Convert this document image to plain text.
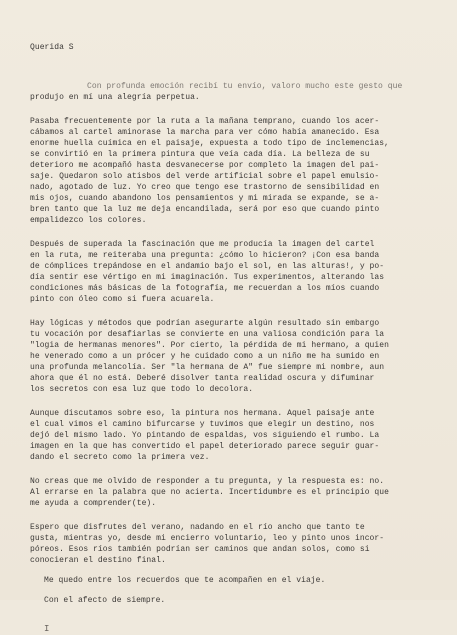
Querida S
Con profunda emoción recibí tu envío, valoro mucho este gesto que
produjo en mí una alegría perpetua.
Pasaba frecuentemente por la ruta a la mañana temprano, cuando los acer-
cábamos al cartel aminorase la marcha para ver cómo había amanecido. Esa
enorme huella cuímica en el paisaje, expuesta a todo tipo de inclemencias,
se convirtió en la primera pintura que veía cada día. La belleza de su
deterioro me acompañó hasta desvanecerse por completo la imagen del pai-
saje. Quedaron solo atisbos del verde artificial sobre el papel emulsio-
nado, agotado de luz. Yo creo que tengo ese trastorno de sensibilidad en
mis ojos, cuando abandono los pensamientos y mi mirada se expande, se a-
bren tanto que la luz me deja encandilada, será por eso que cuando pinto
empalidezco los colores.
Después de superada la fascinación que me producía la imagen del cartel
en la ruta, me reiteraba una pregunta: ¿cómo lo hicieron? ¡Con esa banda
de cómplices trepándose en el andamio bajo el sol, en las alturas!, y po-
día sentir ese vértigo en mi imaginación. Tus experimentos, alterando las
condiciones más básicas de la fotografía, me recuerdan a los míos cuando
pinto con óleo como si fuera acuarela.
Hay lógicas y métodos que podrían asegurarte algún resultado sin embargo
tu vocación por desafiarlas se convierte en una valiosa condición para la
"logia de hermanas menores". Por cierto, la pérdida de mi hermano, a quien
he venerado como a un prócer y he cuidado como a un niño me ha sumido en
una profunda melancolía. Ser "la hermana de A" fue siempre mi nombre, aun
ahora que él no está. Deberé disolver tanta realidad oscura y difuminar
los secretos con esa luz que todo lo decolora.
Aunque discutamos sobre eso, la pintura nos hermana. Aquel paisaje ante
el cual vimos el camino bifurcarse y tuvimos que elegir un destino, nos
dejó del mismo lado. Yo pintando de espaldas, vos siguiendo el rumbo. La
imagen en la que has convertido el papel deteriorado parece seguir guar-
dando el secreto como la primera vez.
No creas que me olvido de responder a tu pregunta, y la respuesta es: no.
Al errarse en la palabra que no acierta. Incertidumbre es el principio que
me ayuda a comprender(te).
Espero que disfrutes del verano, nadando en el río ancho que tanto te
gusta, mientras yo, desde mi encierro voluntario, leo y pinto unos incor-
póreos. Esos ríos también podrían ser caminos que andan solos, como si
conocieran el destino final.
Me quedo entre los recuerdos que te acompañen en el viaje.
Con el afecto de siempre.
I
